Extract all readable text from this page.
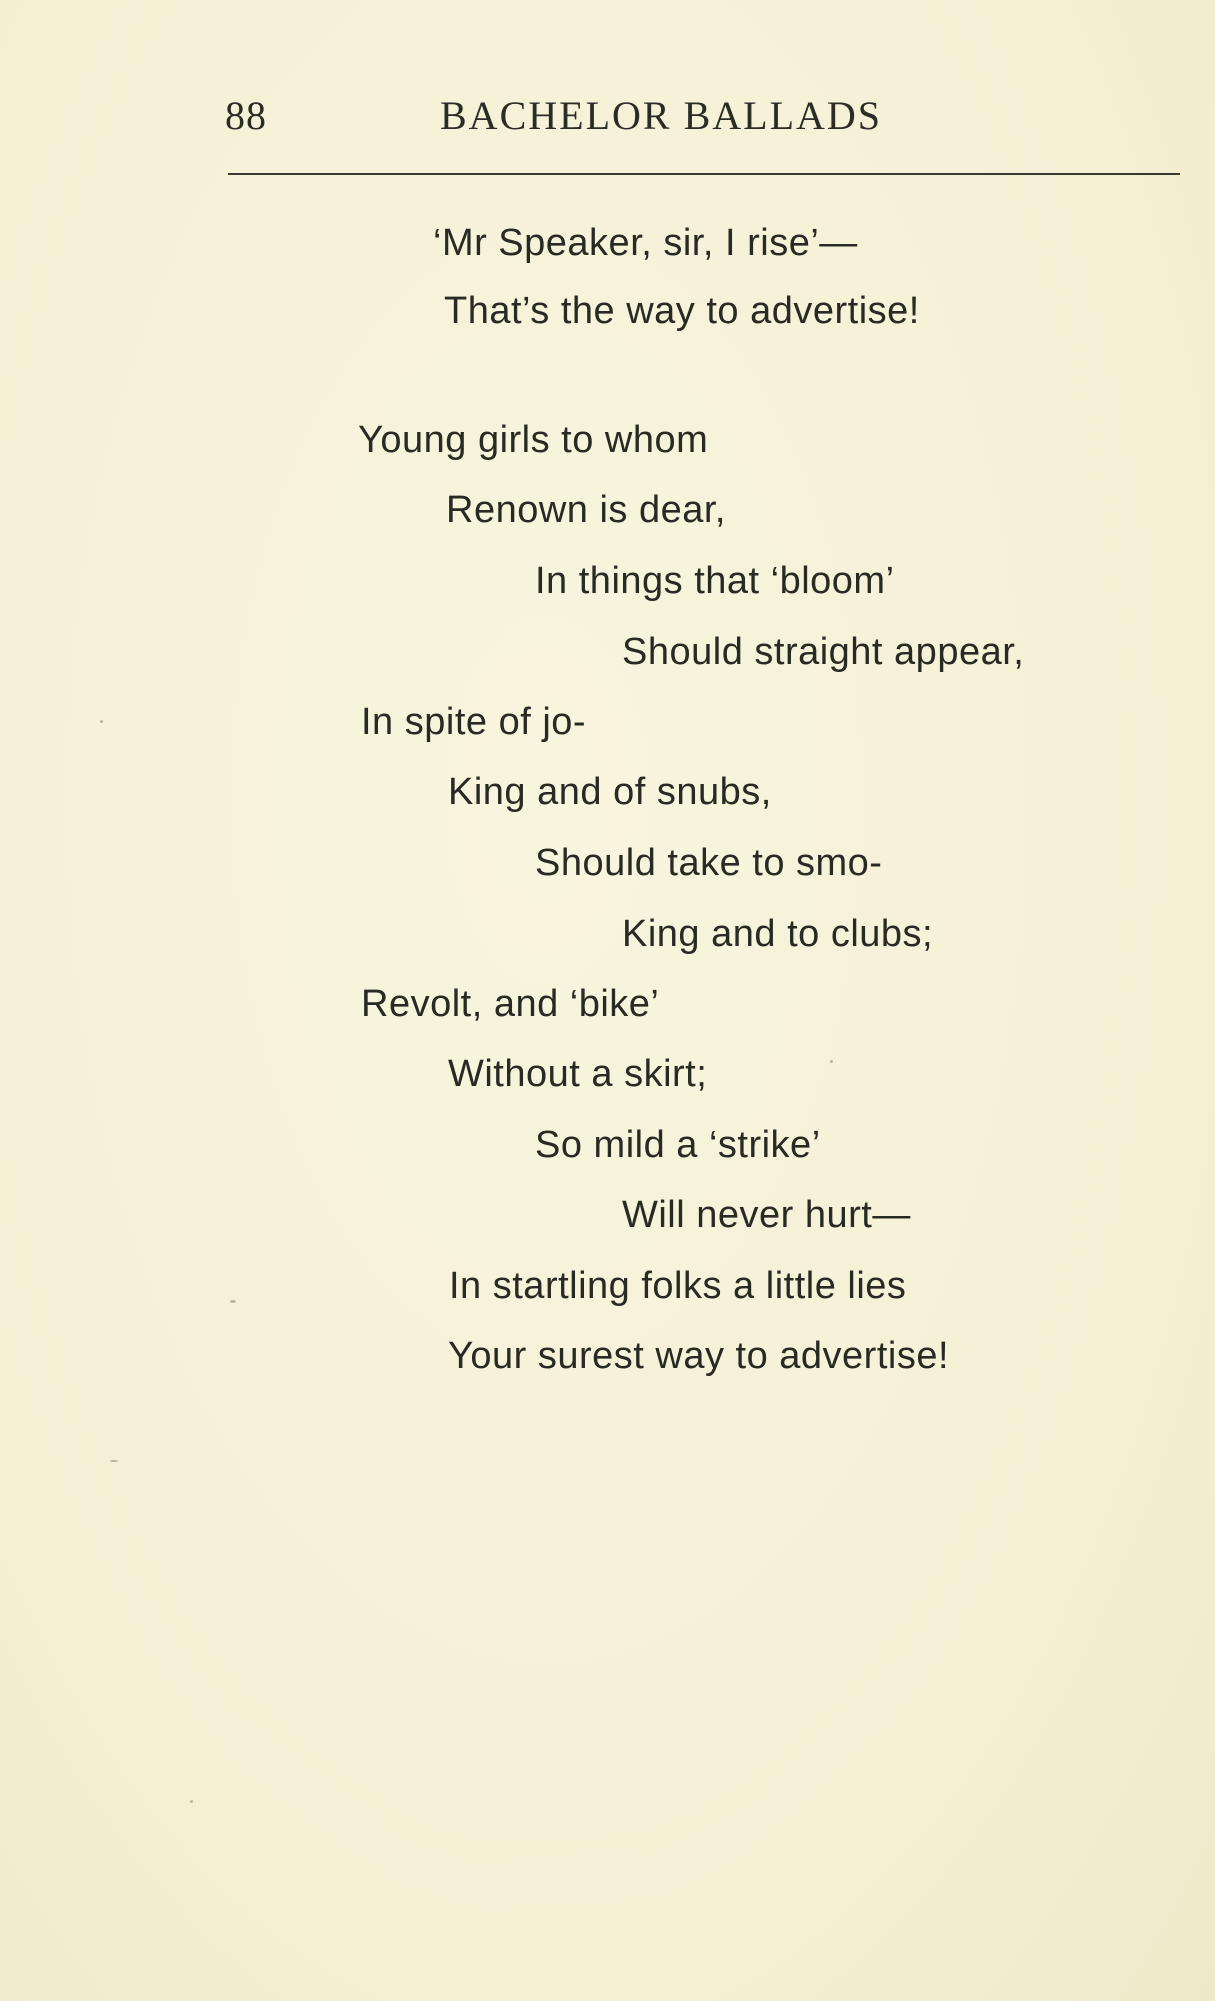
88	BACHELOR BALLADS
‘Mr Speaker, sir, I rise’—
That’s the way to advertise!
Young girls to whom
Renown is dear,
In things that ‘bloom’
Should straight appear,
In spite of jo-
King and of snubs,
Should take to smo-
King and to clubs;
Revolt, and ‘bike’
Without a skirt;
So mild a ‘strike’
Will never hurt—
In startling folks a little lies
Your surest way to advertise!
